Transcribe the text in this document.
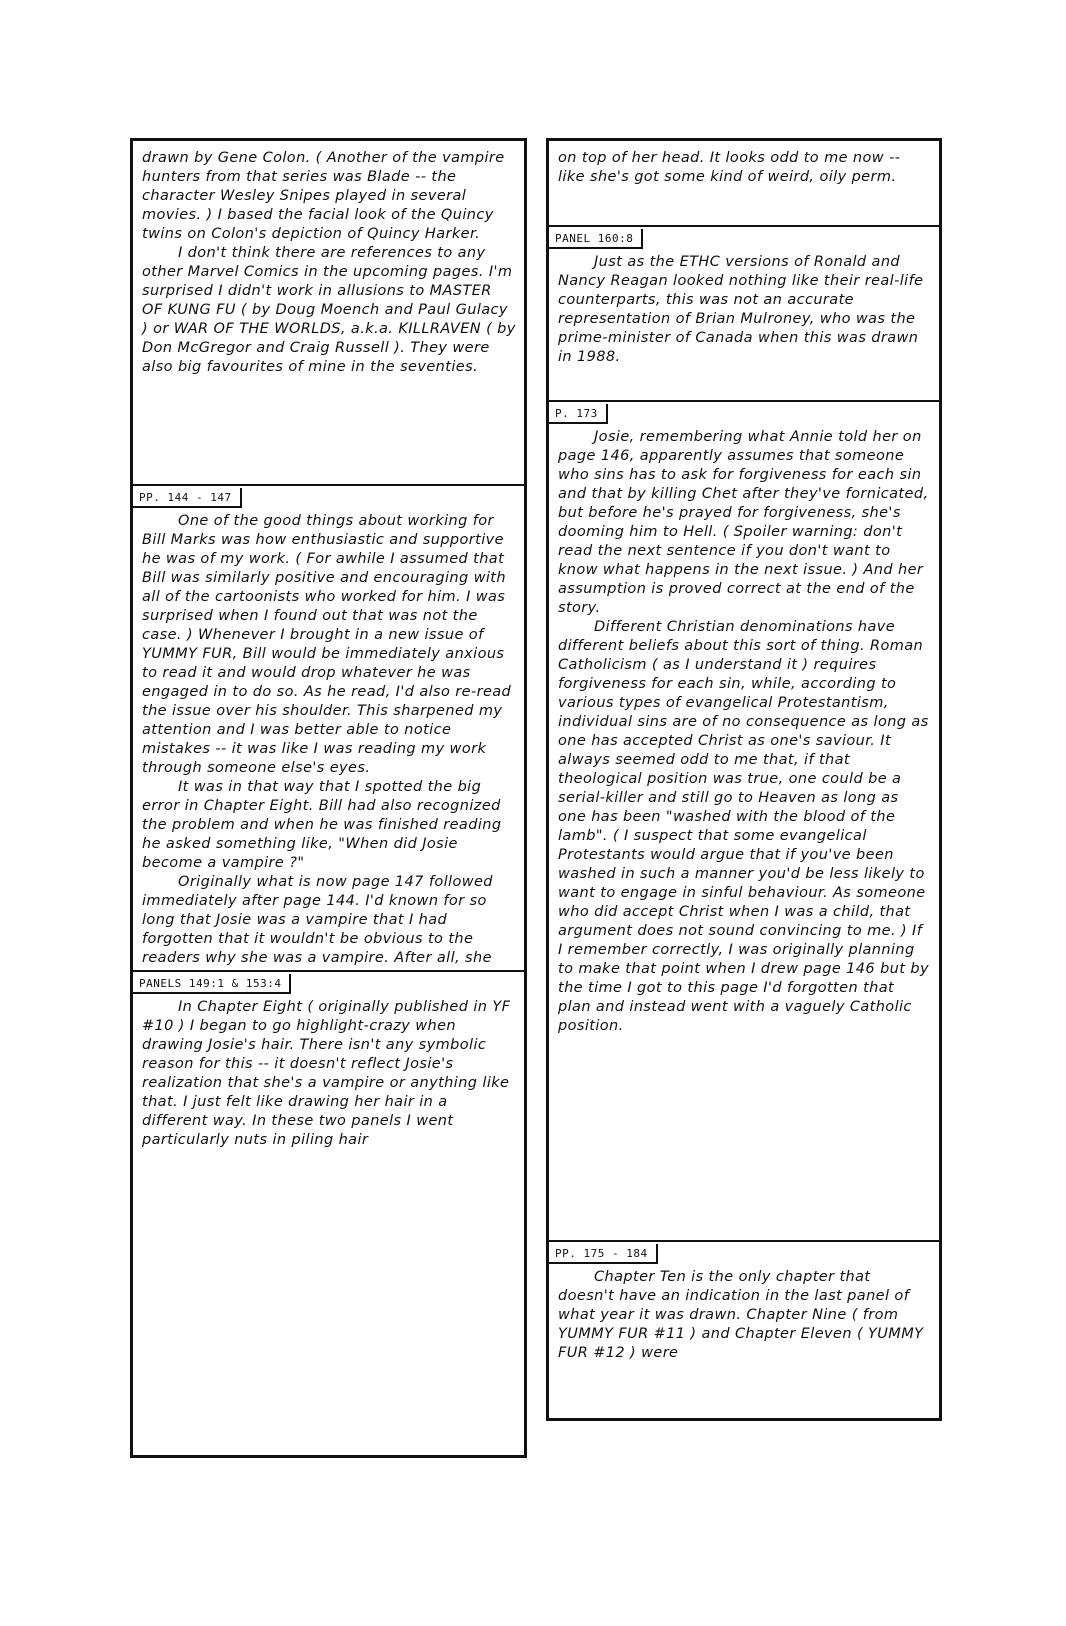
drawn by Gene Colon. ( Another of the vampire hunters from that series was Blade -- the character Wesley Snipes played in several movies. ) I based the facial look of the Quincy twins on Colon's depiction of Quincy Harker.

I don't think there are references to any other Marvel Comics in the upcoming pages. I'm surprised I didn't work in allusions to MASTER OF KUNG FU ( by Doug Moench and Paul Gulacy ) or WAR OF THE WORLDS, a.k.a. KILLRAVEN ( by Don McGregor and Craig Russell ). They were also big favourites of mine in the seventies.

PP. 144 - 147

One of the good things about working for Bill Marks was how enthusiastic and supportive he was of my work. ( For awhile I assumed that Bill was similarly positive and encouraging with all of the cartoonists who worked for him. I was surprised when I found out that was not the case. ) Whenever I brought in a new issue of YUMMY FUR, Bill would be immediately anxious to read it and would drop whatever he was engaged in to do so. As he read, I'd also re-read the issue over his shoulder. This sharpened my attention and I was better able to notice mistakes -- it was like I was reading my work through someone else's eyes.

It was in that way that I spotted the big error in Chapter Eight. Bill had also recognized the problem and when he was finished reading he asked something like, "When did Josie become a vampire ?"

Originally what is now page 147 followed immediately after page 144. I'd known for so long that Josie was a vampire that I had forgotten that it wouldn't be obvious to the readers why she was a vampire. After all, she

PANELS 149:1 & 153:4

In Chapter Eight ( originally published in YF #10 ) I began to go highlight-crazy when drawing Josie's hair. There isn't any symbolic reason for this -- it doesn't reflect Josie's realization that she's a vampire or anything like that. I just felt like drawing her hair in a different way. In these two panels I went particularly nuts in piling hair

on top of her head. It looks odd to me now -- like she's got some kind of weird, oily perm.

PANEL 160:8

Just as the ETHC versions of Ronald and Nancy Reagan looked nothing like their real-life counterparts, this was not an accurate representation of Brian Mulroney, who was the prime-minister of Canada when this was drawn in 1988.

P. 173

Josie, remembering what Annie told her on page 146, apparently assumes that someone who sins has to ask for forgiveness for each sin and that by killing Chet after they've fornicated, but before he's prayed for forgiveness, she's dooming him to Hell. ( Spoiler warning: don't read the next sentence if you don't want to know what happens in the next issue. ) And her assumption is proved correct at the end of the story.

Different Christian denominations have different beliefs about this sort of thing. Roman Catholicism ( as I understand it ) requires forgiveness for each sin, while, according to various types of evangelical Protestantism, individual sins are of no consequence as long as one has accepted Christ as one's saviour. It always seemed odd to me that, if that theological position was true, one could be a serial-killer and still go to Heaven as long as one has been "washed with the blood of the lamb". ( I suspect that some evangelical Protestants would argue that if you've been washed in such a manner you'd be less likely to want to engage in sinful behaviour. As someone who did accept Christ when I was a child, that argument does not sound convincing to me. ) If I remember correctly, I was originally planning to make that point when I drew page 146 but by the time I got to this page I'd forgotten that plan and instead went with a vaguely Catholic position.

PP. 175 - 184

Chapter Ten is the only chapter that doesn't have an indication in the last panel of what year it was drawn. Chapter Nine ( from YUMMY FUR #11 ) and Chapter Eleven ( YUMMY FUR #12 ) were
